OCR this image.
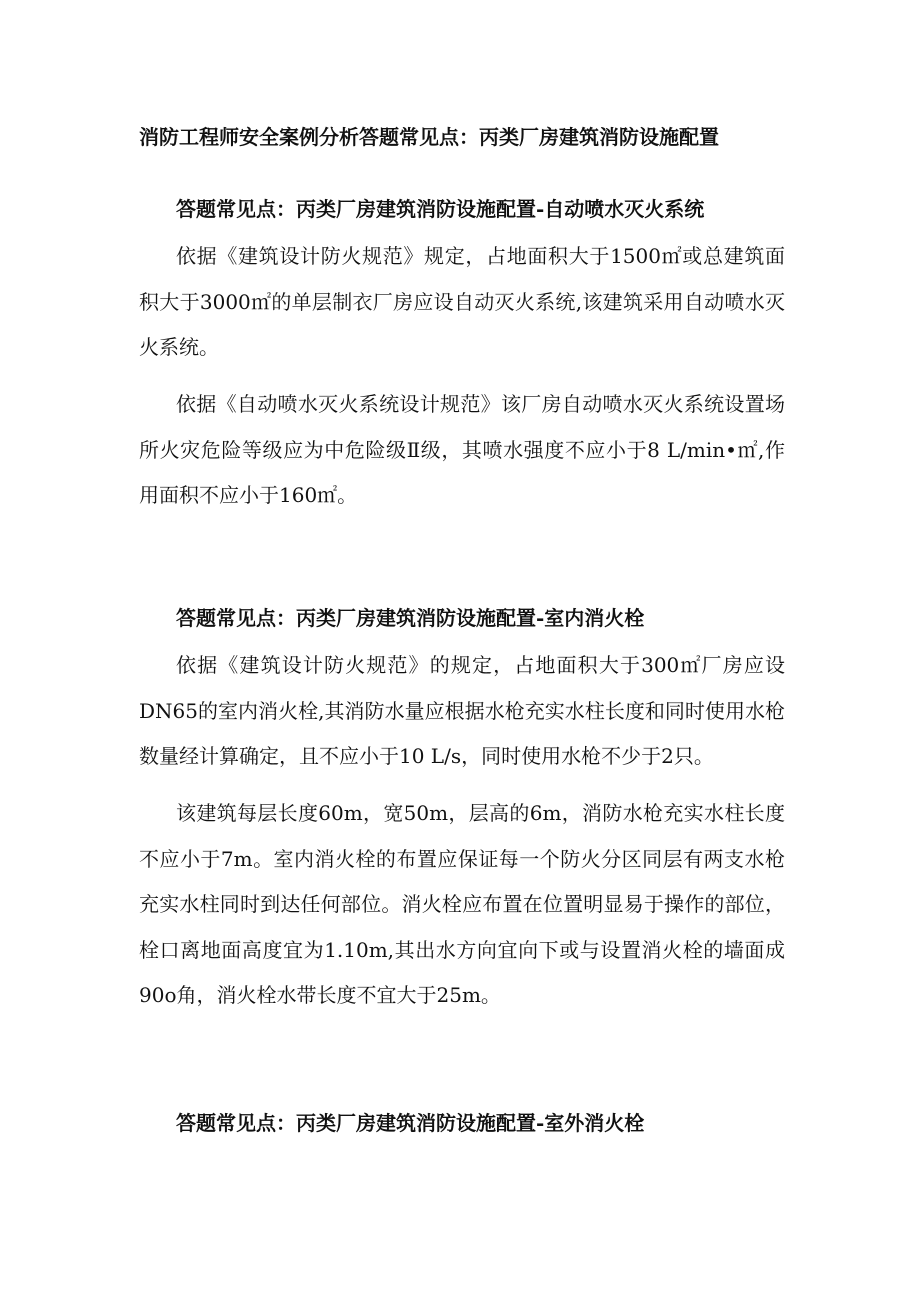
消防工程师安全案例分析答题常见点：丙类厂房建筑消防设施配置
答题常见点：丙类厂房建筑消防设施配置-自动喷水灭火系统

依据《建筑设计防火规范》规定，占地面积大于1500㎡或总建筑面积大于3000㎡的单层制衣厂房应设自动灭火系统,该建筑采用自动喷水灭火系统。

依据《自动喷水灭火系统设计规范》该厂房自动喷水灭火系统设置场所火灾危险等级应为中危险级Ⅱ级，其喷水强度不应小于8 L/min•㎡,作用面积不应小于160㎡。

答题常见点：丙类厂房建筑消防设施配置-室内消火栓

依据《建筑设计防火规范》的规定，占地面积大于300㎡厂房应设DN65的室内消火栓,其消防水量应根据水枪充实水柱长度和同时使用水枪数量经计算确定，且不应小于10 L/s，同时使用水枪不少于2只。

该建筑每层长度60m，宽50m，层高的6m，消防水枪充实水柱长度不应小于7m。室内消火栓的布置应保证每一个防火分区同层有两支水枪充实水柱同时到达任何部位。消火栓应布置在位置明显易于操作的部位，栓口离地面高度宜为1.10m,其出水方向宜向下或与设置消火栓的墙面成90o角，消火栓水带长度不宜大于25m。

答题常见点：丙类厂房建筑消防设施配置-室外消火栓
